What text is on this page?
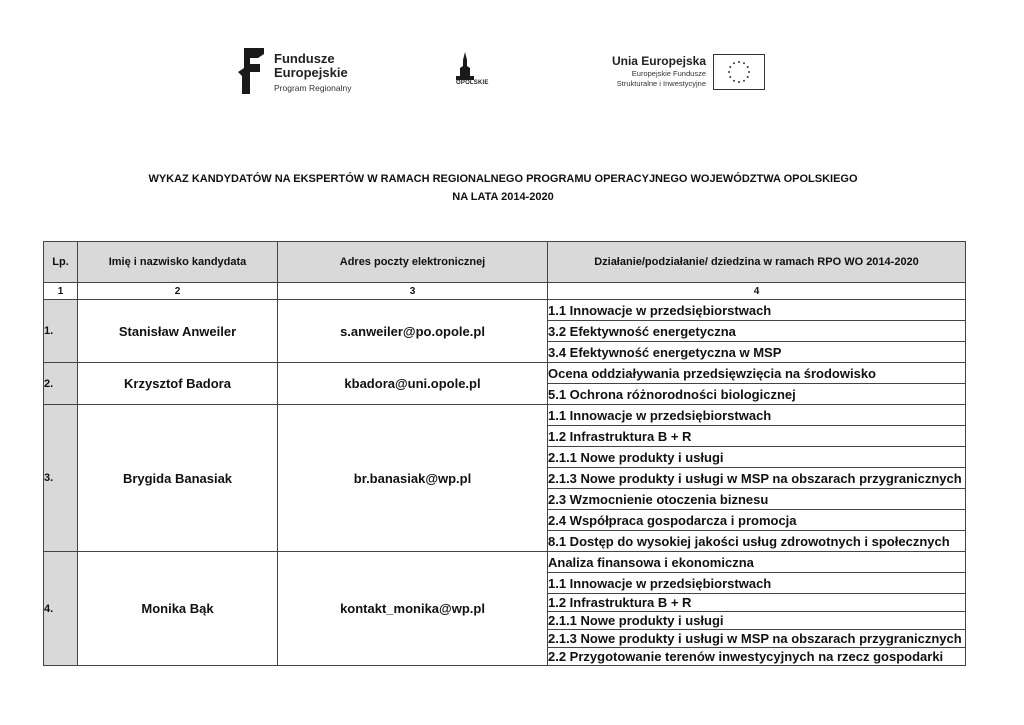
Fundusze
Europejskie
Program Regionalny	OPOLSKIE
Unia Europejska
Europejskie Fundusze
Strukturalne i Inwestycyjne
WYKAZ KANDYDATÓW NA EKSPERTÓW W RAMACH REGIONALNEGO PROGRAMU OPERACYJNEGO WOJEWÓDZTWA OPOLSKIEGO
NA LATA 2014-2020
Lp.	Imię i nazwisko kandydata	Adres poczty elektronicznej	Działanie/podziałanie/ dziedzina w ramach RPO WO 2014-2020
1	2	3	4
1.	Stanisław Anweiler	s.anweiler@po.opole.pl	1.1 Innowacje w przedsiębiorstwach
			3.2 Efektywność energetyczna
			3.4 Efektywność energetyczna w MSP
2.	Krzysztof Badora	kbadora@uni.opole.pl	Ocena oddziaływania przedsięwzięcia na środowisko
			5.1 Ochrona różnorodności biologicznej
3.	Brygida Banasiak	br.banasiak@wp.pl	1.1 Innowacje w przedsiębiorstwach
			1.2 Infrastruktura B + R
			2.1.1 Nowe produkty i usługi
			2.1.3 Nowe produkty i usługi w MSP na obszarach przygranicznych
			2.3 Wzmocnienie otoczenia biznesu
			2.4 Współpraca gospodarcza i promocja
			8.1 Dostęp do wysokiej jakości usług zdrowotnych i społecznych
4.	Monika Bąk	kontakt_monika@wp.pl	Analiza finansowa i ekonomiczna
			1.1 Innowacje w przedsiębiorstwach
			1.2 Infrastruktura B + R
			2.1.1 Nowe produkty i usługi
			2.1.3 Nowe produkty i usługi w MSP na obszarach przygranicznych
			2.2 Przygotowanie terenów inwestycyjnych na rzecz gospodarki
